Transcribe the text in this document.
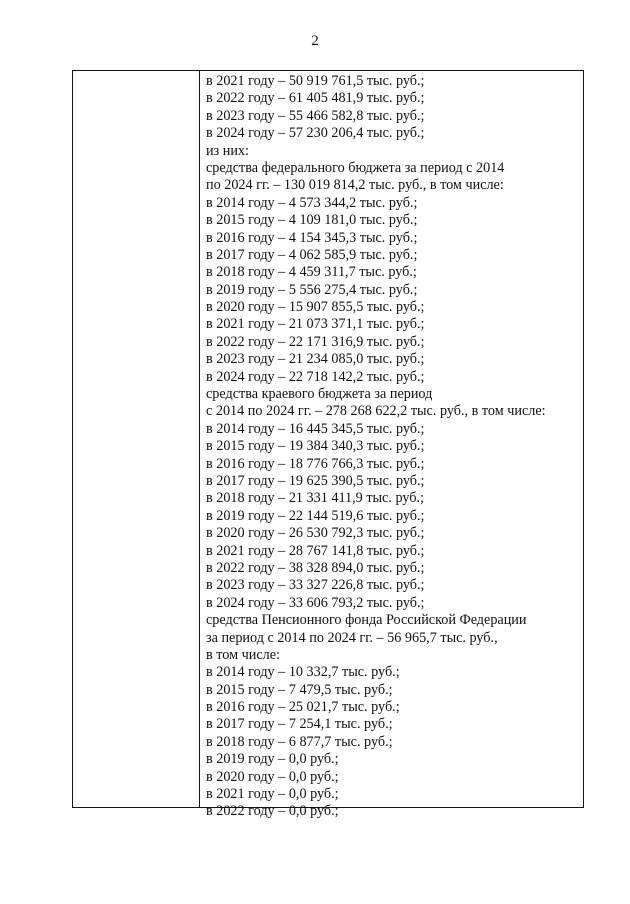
2
в 2021 году – 50 919 761,5 тыс. руб.;
в 2022 году – 61 405 481,9 тыс. руб.;
в 2023 году – 55 466 582,8 тыс. руб.;
в 2024 году – 57 230 206,4 тыс. руб.;
из них:
средства федерального бюджета за период с 2014
по 2024 гг. – 130 019 814,2 тыс. руб., в том числе:
в 2014 году – 4 573 344,2 тыс. руб.;
в 2015 году – 4 109 181,0 тыс. руб.;
в 2016 году – 4 154 345,3 тыс. руб.;
в 2017 году – 4 062 585,9 тыс. руб.;
в 2018 году – 4 459 311,7 тыс. руб.;
в 2019 году – 5 556 275,4 тыс. руб.;
в 2020 году – 15 907 855,5 тыс. руб.;
в 2021 году – 21 073 371,1 тыс. руб.;
в 2022 году – 22 171 316,9 тыс. руб.;
в 2023 году – 21 234 085,0 тыс. руб.;
в 2024 году – 22 718 142,2 тыс. руб.;
средства краевого бюджета за период
с 2014 по 2024 гг. – 278 268 622,2 тыс. руб., в том числе:
в 2014 году – 16 445 345,5 тыс. руб.;
в 2015 году – 19 384 340,3 тыс. руб.;
в 2016 году – 18 776 766,3 тыс. руб.;
в 2017 году – 19 625 390,5 тыс. руб.;
в 2018 году – 21 331 411,9 тыс. руб.;
в 2019 году – 22 144 519,6 тыс. руб.;
в 2020 году – 26 530 792,3 тыс. руб.;
в 2021 году – 28 767 141,8 тыс. руб.;
в 2022 году – 38 328 894,0 тыс. руб.;
в 2023 году – 33 327 226,8 тыс. руб.;
в 2024 году – 33 606 793,2 тыс. руб.;
средства Пенсионного фонда Российской Федерации
за период с 2014 по 2024 гг. – 56 965,7 тыс. руб.,
в том числе:
в 2014 году – 10 332,7 тыс. руб.;
в 2015 году – 7 479,5 тыс. руб.;
в 2016 году – 25 021,7 тыс. руб.;
в 2017 году – 7 254,1 тыс. руб.;
в 2018 году – 6 877,7 тыс. руб.;
в 2019 году – 0,0 руб.;
в 2020 году – 0,0 руб.;
в 2021 году – 0,0 руб.;
в 2022 году – 0,0 руб.;
